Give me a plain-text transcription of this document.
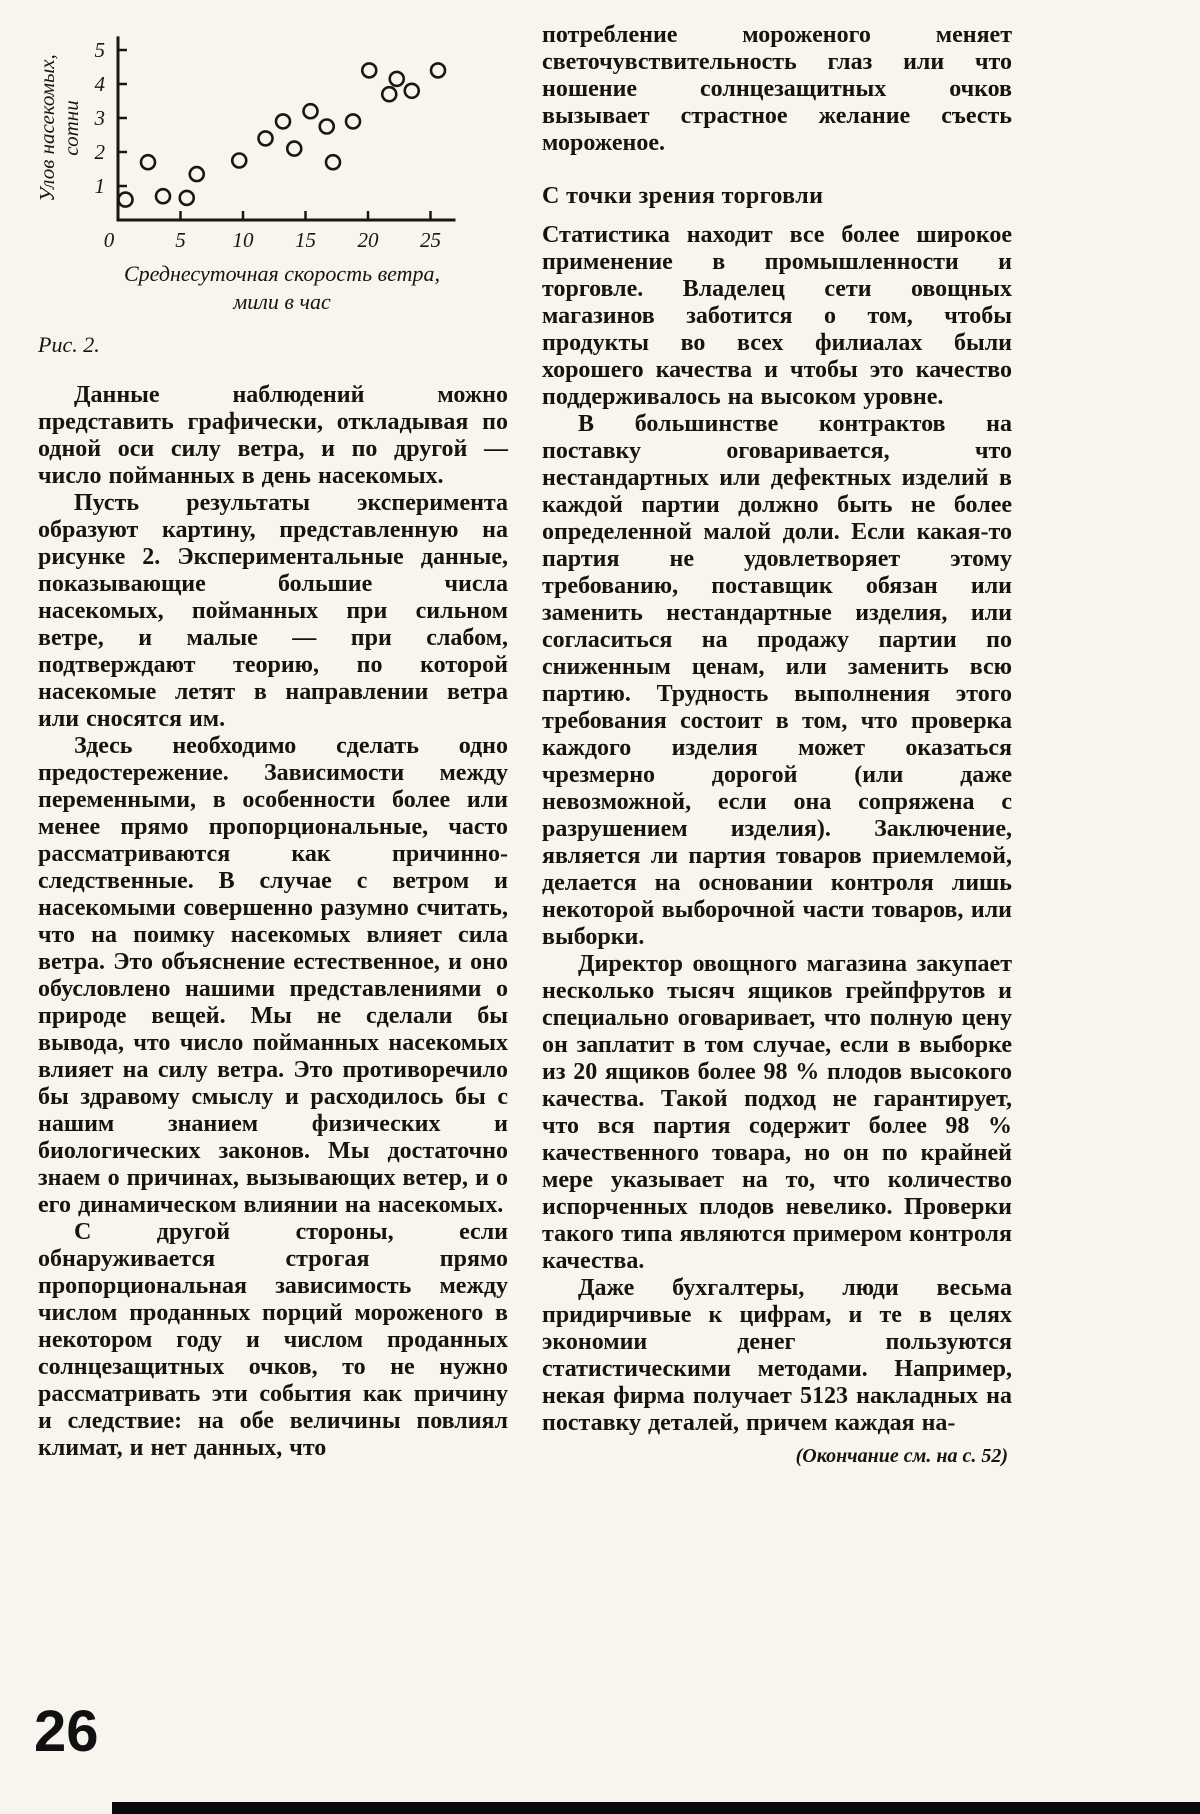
1
2
3
4
5
0	5 10 15 20 25
Улов насекомых, сотни
Среднесуточная скорость ветра,
мили в час
Рис. 2.

Данные наблюдений можно представить графически, откладывая по одной оси силу ветра, и по другой — число пойманных в день насекомых.

Пусть результаты эксперимента образуют картину, представленную на рисунке 2. Экспериментальные данные, показывающие большие числа насекомых, пойманных при сильном ветре, и малые — при слабом, подтверждают теорию, по которой насекомые летят в направлении ветра или сносятся им.

Здесь необходимо сделать одно предостережение. Зависимости между переменными, в особенности более или менее прямо пропорциональные, часто рассматриваются как причинно-следственные. В случае с ветром и насекомыми совершенно разумно считать, что на поимку насекомых влияет сила ветра. Это объяснение естественное, и оно обусловлено нашими представлениями о природе вещей. Мы не сделали бы вывода, что число пойманных насекомых влияет на силу ветра. Это противоречило бы здравому смыслу и расходилось бы с нашим знанием физических и биологических законов. Мы достаточно знаем о причинах, вызывающих ветер, и о его динамическом влиянии на насекомых.

С другой стороны, если обнаруживается строгая прямо пропорциональная зависимость между числом проданных порций мороженого в некотором году и числом проданных солнцезащитных очков, то не нужно рассматривать эти события как причину и следствие: на обе величины повлиял климат, и нет данных, что

потребление мороженого меняет светочувствительность глаз или что ношение солнцезащитных очков вызывает страстное желание съесть мороженое.

С точки зрения торговли

Статистика находит все более широкое применение в промышленности и торговле. Владелец сети овощных магазинов заботится о том, чтобы продукты во всех филиалах были хорошего качества и чтобы это качество поддерживалось на высоком уровне.

В большинстве контрактов на поставку оговаривается, что нестандартных или дефектных изделий в каждой партии должно быть не более определенной малой доли. Если какая-то партия не удовлетворяет этому требованию, поставщик обязан или заменить нестандартные изделия, или согласиться на продажу партии по сниженным ценам, или заменить всю партию. Трудность выполнения этого требования состоит в том, что проверка каждого изделия может оказаться чрезмерно дорогой (или даже невозможной, если она сопряжена с разрушением изделия). Заключение, является ли партия товаров приемлемой, делается на основании контроля лишь некоторой выборочной части товаров, или выборки.

Директор овощного магазина закупает несколько тысяч ящиков грейпфрутов и специально оговаривает, что полную цену он заплатит в том случае, если в выборке из 20 ящиков более 98 % плодов высокого качества. Такой подход не гарантирует, что вся партия содержит более 98 % качественного товара, но он по крайней мере указывает на то, что количество испорченных плодов невелико. Проверки такого типа являются примером контроля качества.

Даже бухгалтеры, люди весьма придирчивые к цифрам, и те в целях экономии денег пользуются статистическими методами. Например, некая фирма получает 5123 накладных на поставку деталей, причем каждая на-

(Окончание см. на с. 52)
26
